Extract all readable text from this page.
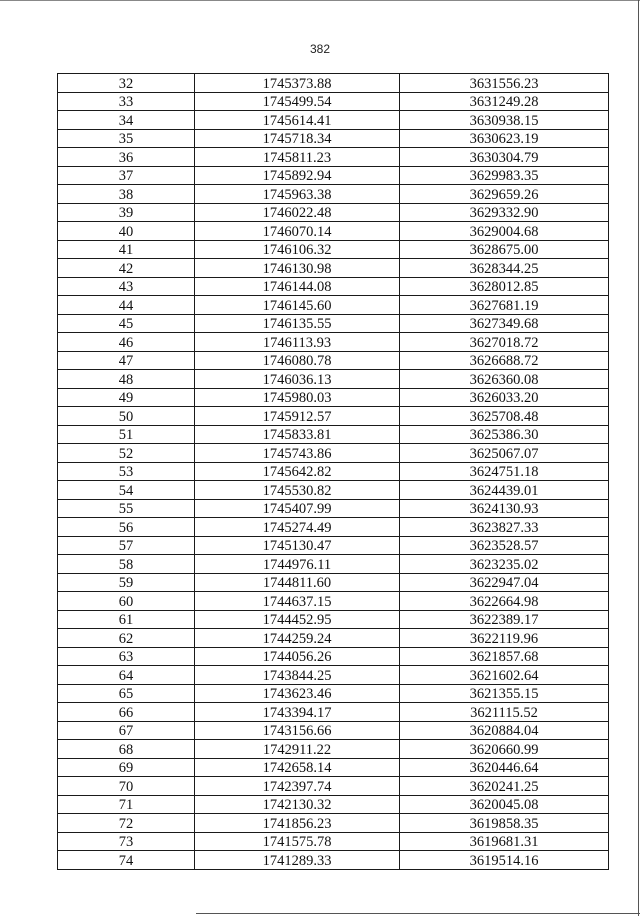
382
32	1745373.88	3631556.23
33	1745499.54	3631249.28
34	1745614.41	3630938.15
35	1745718.34	3630623.19
36	1745811.23	3630304.79
37	1745892.94	3629983.35
38	1745963.38	3629659.26
39	1746022.48	3629332.90
40	1746070.14	3629004.68
41	1746106.32	3628675.00
42	1746130.98	3628344.25
43	1746144.08	3628012.85
44	1746145.60	3627681.19
45	1746135.55	3627349.68
46	1746113.93	3627018.72
47	1746080.78	3626688.72
48	1746036.13	3626360.08
49	1745980.03	3626033.20
50	1745912.57	3625708.48
51	1745833.81	3625386.30
52	1745743.86	3625067.07
53	1745642.82	3624751.18
54	1745530.82	3624439.01
55	1745407.99	3624130.93
56	1745274.49	3623827.33
57	1745130.47	3623528.57
58	1744976.11	3623235.02
59	1744811.60	3622947.04
60	1744637.15	3622664.98
61	1744452.95	3622389.17
62	1744259.24	3622119.96
63	1744056.26	3621857.68
64	1743844.25	3621602.64
65	1743623.46	3621355.15
66	1743394.17	3621115.52
67	1743156.66	3620884.04
68	1742911.22	3620660.99
69	1742658.14	3620446.64
70	1742397.74	3620241.25
71	1742130.32	3620045.08
72	1741856.23	3619858.35
73	1741575.78	3619681.31
74	1741289.33	3619514.16
